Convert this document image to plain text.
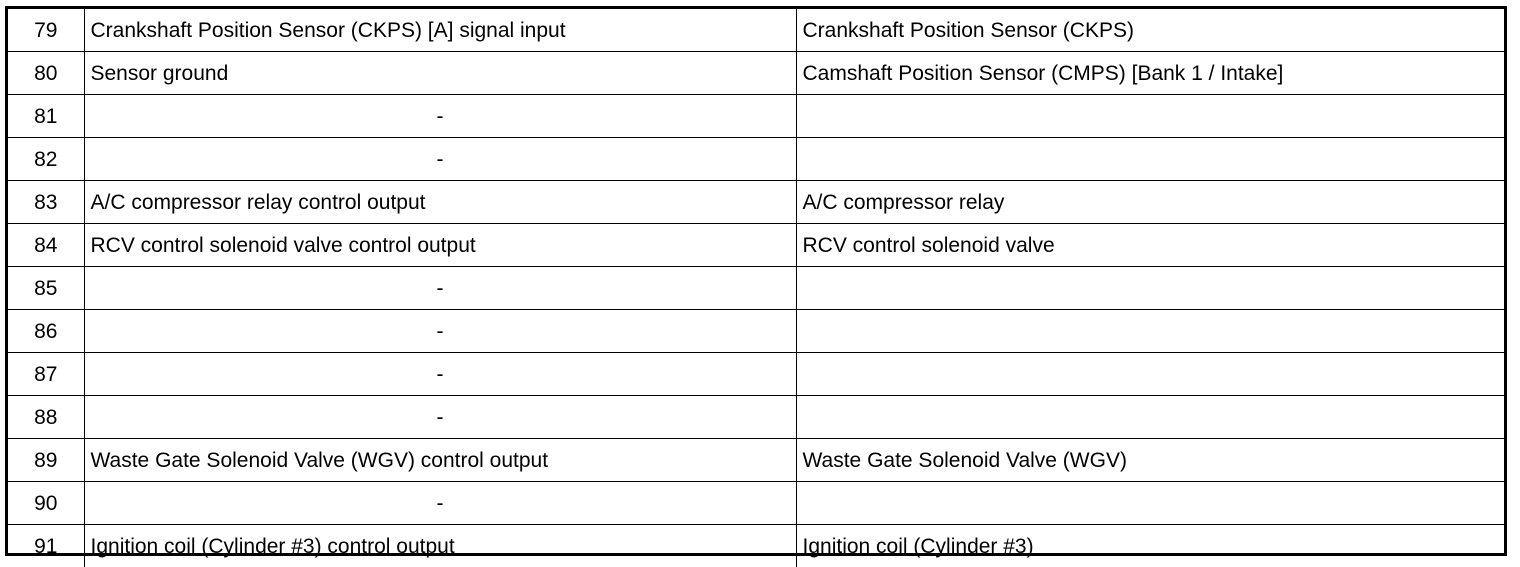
79	Crankshaft Position Sensor (CKPS) [A] signal input	Crankshaft Position Sensor (CKPS)
80	Sensor ground	Camshaft Position Sensor (CMPS) [Bank 1 / Intake]
81	-	
82	-	
83	A/C compressor relay control output	A/C compressor relay
84	RCV control solenoid valve control output	RCV control solenoid valve
85	-	
86	-	
87	-	
88	-	
89	Waste Gate Solenoid Valve (WGV) control output	Waste Gate Solenoid Valve (WGV)
90	-	
91	Ignition coil (Cylinder #3) control output	Ignition coil (Cylinder #3)
